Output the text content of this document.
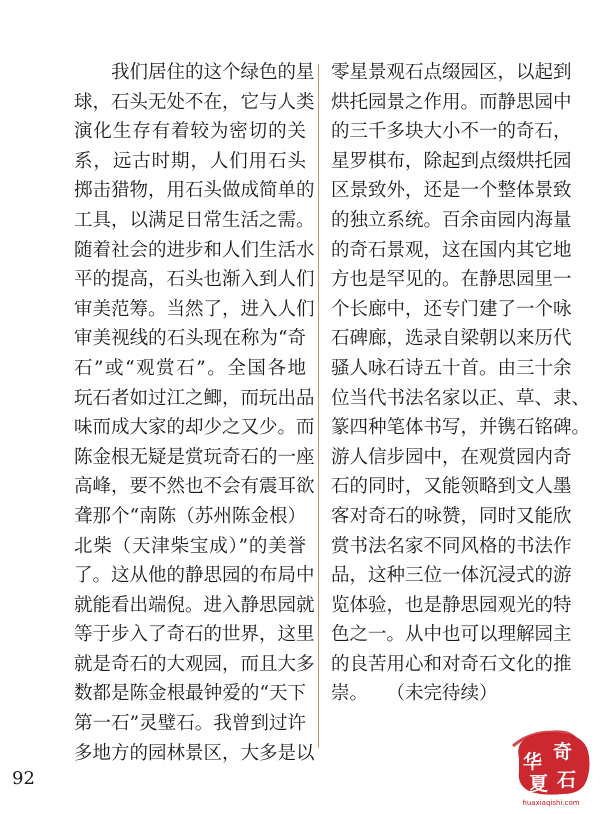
　　我们居住的这个绿色的星
球，石头无处不在，它与人类
演化生存有着较为密切的关
系，远古时期，人们用石头
掷击猎物，用石头做成简单的
工具，以满足日常生活之需。
随着社会的进步和人们生活水
平的提高，石头也渐入到人们
审美范筹。当然了，进入人们
审美视线的石头现在称为“奇
石”或“观赏石”。全国各地
玩石者如过江之鲫，而玩出品
味而成大家的却少之又少。而
陈金根无疑是赏玩奇石的一座
高峰，要不然也不会有震耳欲
聋那个“南陈（苏州陈金根）
北柴（天津柴宝成）”的美誉
了。这从他的静思园的布局中
就能看出端倪。进入静思园就
等于步入了奇石的世界，这里
就是奇石的大观园，而且大多
数都是陈金根最钟爱的“天下
第一石”灵璧石。我曾到过许
多地方的园林景区，大多是以
零星景观石点缀园区，以起到
烘托园景之作用。而静思园中
的三千多块大小不一的奇石，
星罗棋布，除起到点缀烘托园
区景致外，还是一个整体景致
的独立系统。百余亩园内海量
的奇石景观，这在国内其它地
方也是罕见的。在静思园里一
个长廊中，还专门建了一个咏
石碑廊，选录自梁朝以来历代
骚人咏石诗五十首。由三十余
位当代书法名家以正、草、隶、
篆四种笔体书写，并镌石铭碑。
游人信步园中，在观赏园内奇
石的同时，又能领略到文人墨
客对奇石的咏赞，同时又能欣
赏书法名家不同风格的书法作
品，这种三位一体沉浸式的游
览体验，也是静思园观光的特
色之一。从中也可以理解园主
的良苦用心和对奇石文化的推
崇。　　（未完待续）
92
华 奇
夏 石
huaxiaqishi.com
